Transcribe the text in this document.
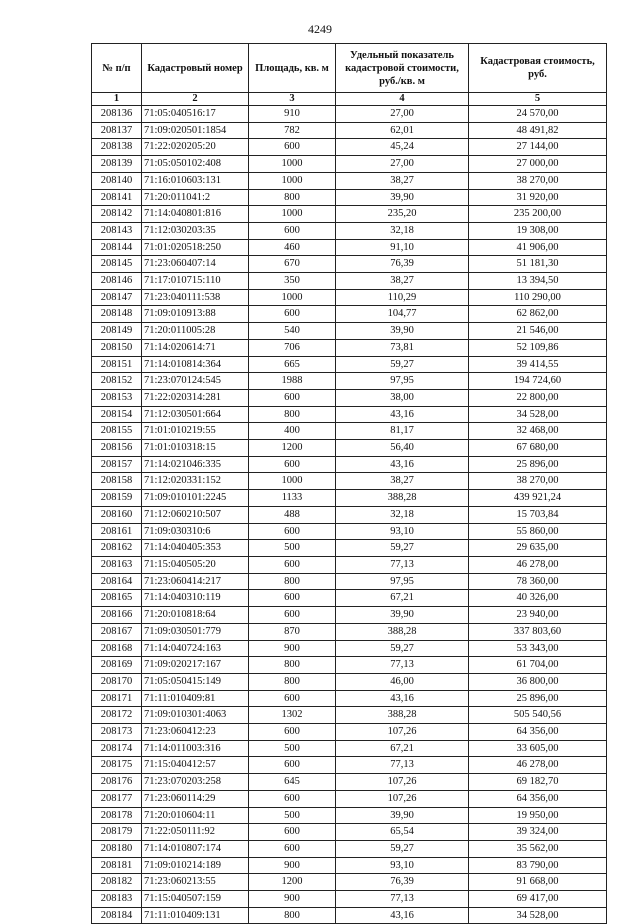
4249
№ п/п	Кадастровый номер	Площадь, кв. м	Удельный показатель кадастровой стоимости, руб./кв. м	Кадастровая стоимость, руб.
1	2	3	4	5
208136	71:05:040516:17	910	27,00	24 570,00
208137	71:09:020501:1854	782	62,01	48 491,82
208138	71:22:020205:20	600	45,24	27 144,00
208139	71:05:050102:408	1000	27,00	27 000,00
208140	71:16:010603:131	1000	38,27	38 270,00
208141	71:20:011041:2	800	39,90	31 920,00
208142	71:14:040801:816	1000	235,20	235 200,00
208143	71:12:030203:35	600	32,18	19 308,00
208144	71:01:020518:250	460	91,10	41 906,00
208145	71:23:060407:14	670	76,39	51 181,30
208146	71:17:010715:110	350	38,27	13 394,50
208147	71:23:040111:538	1000	110,29	110 290,00
208148	71:09:010913:88	600	104,77	62 862,00
208149	71:20:011005:28	540	39,90	21 546,00
208150	71:14:020614:71	706	73,81	52 109,86
208151	71:14:010814:364	665	59,27	39 414,55
208152	71:23:070124:545	1988	97,95	194 724,60
208153	71:22:020314:281	600	38,00	22 800,00
208154	71:12:030501:664	800	43,16	34 528,00
208155	71:01:010219:55	400	81,17	32 468,00
208156	71:01:010318:15	1200	56,40	67 680,00
208157	71:14:021046:335	600	43,16	25 896,00
208158	71:12:020331:152	1000	38,27	38 270,00
208159	71:09:010101:2245	1133	388,28	439 921,24
208160	71:12:060210:507	488	32,18	15 703,84
208161	71:09:030310:6	600	93,10	55 860,00
208162	71:14:040405:353	500	59,27	29 635,00
208163	71:15:040505:20	600	77,13	46 278,00
208164	71:23:060414:217	800	97,95	78 360,00
208165	71:14:040310:119	600	67,21	40 326,00
208166	71:20:010818:64	600	39,90	23 940,00
208167	71:09:030501:779	870	388,28	337 803,60
208168	71:14:040724:163	900	59,27	53 343,00
208169	71:09:020217:167	800	77,13	61 704,00
208170	71:05:050415:149	800	46,00	36 800,00
208171	71:11:010409:81	600	43,16	25 896,00
208172	71:09:010301:4063	1302	388,28	505 540,56
208173	71:23:060412:23	600	107,26	64 356,00
208174	71:14:011003:316	500	67,21	33 605,00
208175	71:15:040412:57	600	77,13	46 278,00
208176	71:23:070203:258	645	107,26	69 182,70
208177	71:23:060114:29	600	107,26	64 356,00
208178	71:20:010604:11	500	39,90	19 950,00
208179	71:22:050111:92	600	65,54	39 324,00
208180	71:14:010807:174	600	59,27	35 562,00
208181	71:09:010214:189	900	93,10	83 790,00
208182	71:23:060213:55	1200	76,39	91 668,00
208183	71:15:040507:159	900	77,13	69 417,00
208184	71:11:010409:131	800	43,16	34 528,00
